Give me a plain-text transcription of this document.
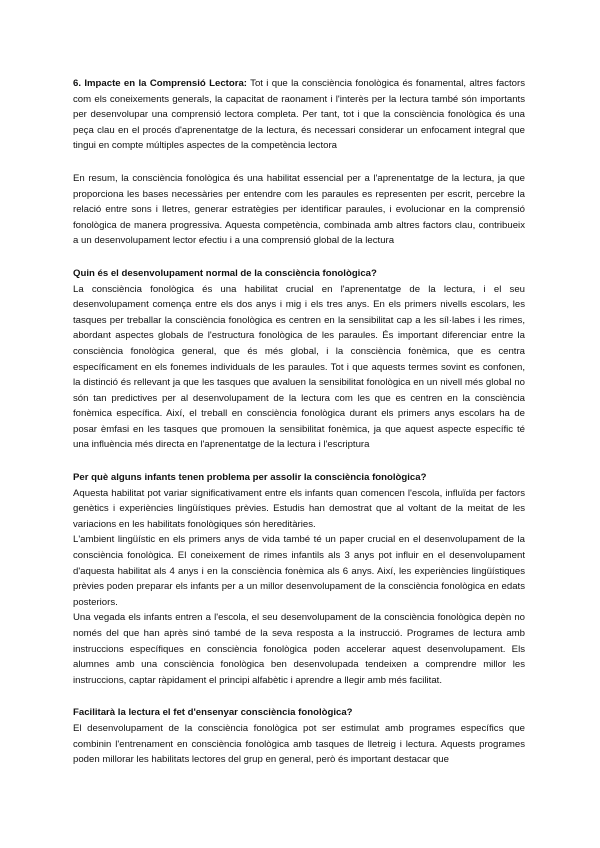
6. Impacte en la Comprensió Lectora: Tot i que la consciència fonològica és fonamental, altres factors com els coneixements generals, la capacitat de raonament i l'interès per la lectura també són importants per desenvolupar una comprensió lectora completa. Per tant, tot i que la consciència fonològica és una peça clau en el procés d'aprenentatge de la lectura, és necessari considerar un enfocament integral que tingui en compte múltiples aspectes de la competència lectora

En resum, la consciència fonològica és una habilitat essencial per a l'aprenentatge de la lectura, ja que proporciona les bases necessàries per entendre com les paraules es representen per escrit, percebre la relació entre sons i lletres, generar estratègies per identificar paraules, i evolucionar en la comprensió fonològica de manera progressiva. Aquesta competència, combinada amb altres factors clau, contribueix a un desenvolupament lector efectiu i a una comprensió global de la lectura

Quin és el desenvolupament normal de la consciència fonològica?

La consciència fonològica és una habilitat crucial en l'aprenentatge de la lectura, i el seu desenvolupament comença entre els dos anys i mig i els tres anys. En els primers nivells escolars, les tasques per treballar la consciència fonològica es centren en la sensibilitat cap a les síl·labes i les rimes, abordant aspectes globals de l'estructura fonològica de les paraules. És important diferenciar entre la consciència fonològica general, que és més global, i la consciència fonèmica, que es centra específicament en els fonemes individuals de les paraules. Tot i que aquests termes sovint es confonen, la distinció és rellevant ja que les tasques que avaluen la sensibilitat fonològica en un nivell més global no són tan predictives per al desenvolupament de la lectura com les que es centren en la consciència fonèmica específica. Així, el treball en consciència fonològica durant els primers anys escolars ha de posar èmfasi en les tasques que promouen la sensibilitat fonèmica, ja que aquest aspecte específic té una influència més directa en l'aprenentatge de la lectura i l'escriptura

Per què alguns infants tenen problema per assolir la consciència fonològica?

Aquesta habilitat pot variar significativament entre els infants quan comencen l'escola, influïda per factors genètics i experiències lingüístiques prèvies. Estudis han demostrat que al voltant de la meitat de les variacions en les habilitats fonològiques són hereditàries.

L'ambient lingüístic en els primers anys de vida també té un paper crucial en el desenvolupament de la consciència fonològica. El coneixement de rimes infantils als 3 anys pot influir en el desenvolupament d'aquesta habilitat als 4 anys i en la consciència fonèmica als 6 anys. Així, les experiències lingüístiques prèvies poden preparar els infants per a un millor desenvolupament de la consciència fonològica en edats posteriors.

Una vegada els infants entren a l'escola, el seu desenvolupament de la consciència fonològica depèn no només del que han après sinó també de la seva resposta a la instrucció. Programes de lectura amb instruccions específiques en consciència fonològica poden accelerar aquest desenvolupament. Els alumnes amb una consciència fonològica ben desenvolupada tendeixen a comprendre millor les instruccions, captar ràpidament el principi alfabètic i aprendre a llegir amb més facilitat.

Facilitarà la lectura el fet d'ensenyar consciència fonològica?

El desenvolupament de la consciència fonològica pot ser estimulat amb programes específics que combinin l'entrenament en consciència fonològica amb tasques de lletreig i lectura. Aquests programes poden millorar les habilitats lectores del grup en general, però és important destacar que
